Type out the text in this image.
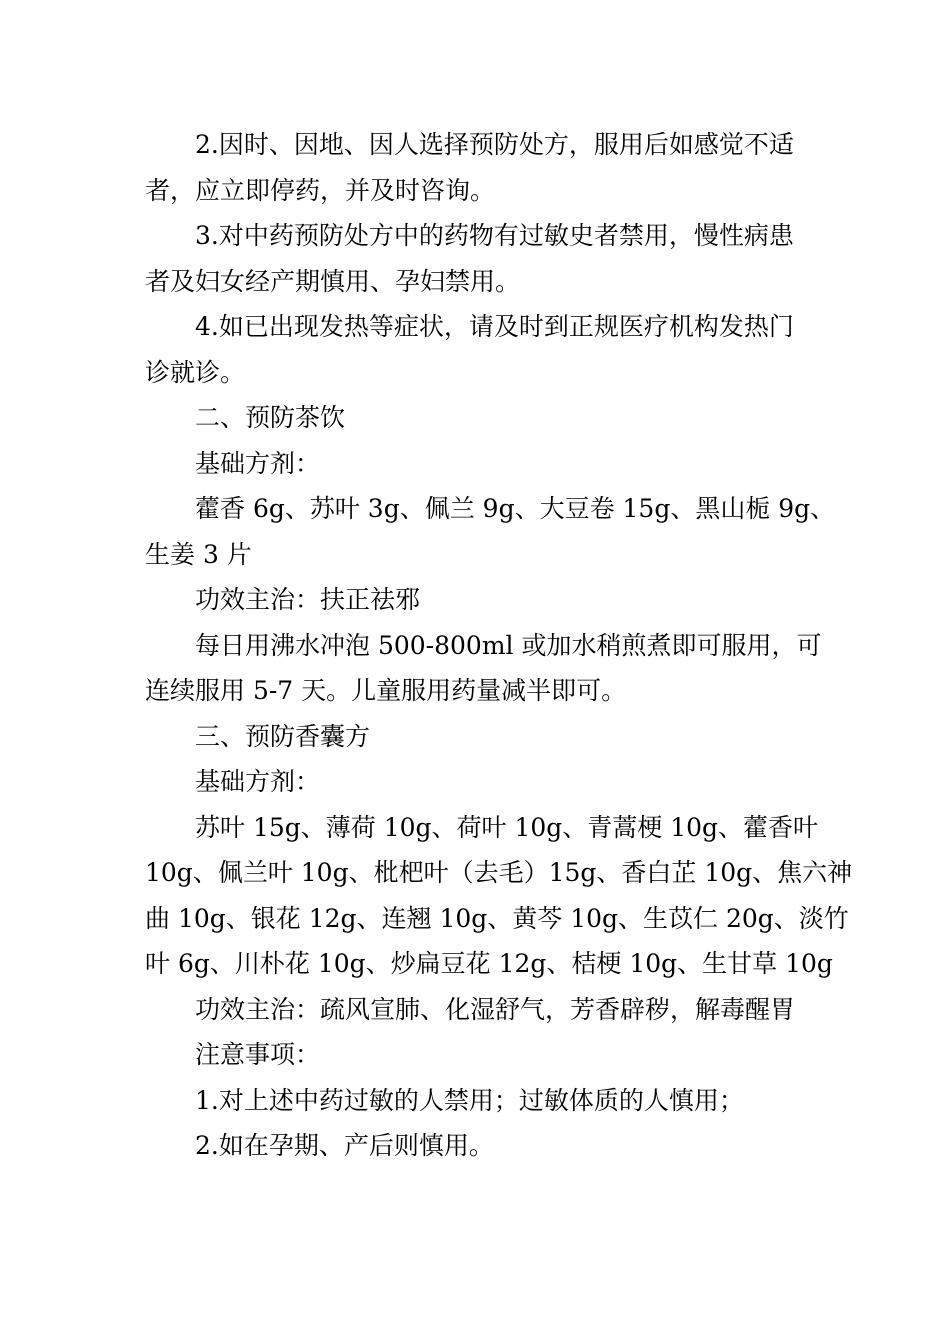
2.因时、因地、因人选择预防处方，服用后如感觉不适
者，应立即停药，并及时咨询。
3.对中药预防处方中的药物有过敏史者禁用，慢性病患
者及妇女经产期慎用、孕妇禁用。
4.如已出现发热等症状，请及时到正规医疗机构发热门
诊就诊。
二、预防茶饮
基础方剂：
藿香 6g、苏叶 3g、佩兰 9g、大豆卷 15g、黑山栀 9g、
生姜 3 片
功效主治：扶正祛邪
每日用沸水冲泡 500-800ml 或加水稍煎煮即可服用，可
连续服用 5-7 天。儿童服用药量减半即可。
三、预防香囊方
基础方剂：
苏叶 15g、薄荷 10g、荷叶 10g、青蒿梗 10g、藿香叶
10g、佩兰叶 10g、枇杷叶（去毛）15g、香白芷 10g、焦六神
曲 10g、银花 12g、连翘 10g、黄芩 10g、生苡仁 20g、淡竹
叶 6g、川朴花 10g、炒扁豆花 12g、桔梗 10g、生甘草 10g
功效主治：疏风宣肺、化湿舒气，芳香辟秽，解毒醒胃
注意事项：
1.对上述中药过敏的人禁用；过敏体质的人慎用；
2.如在孕期、产后则慎用。
